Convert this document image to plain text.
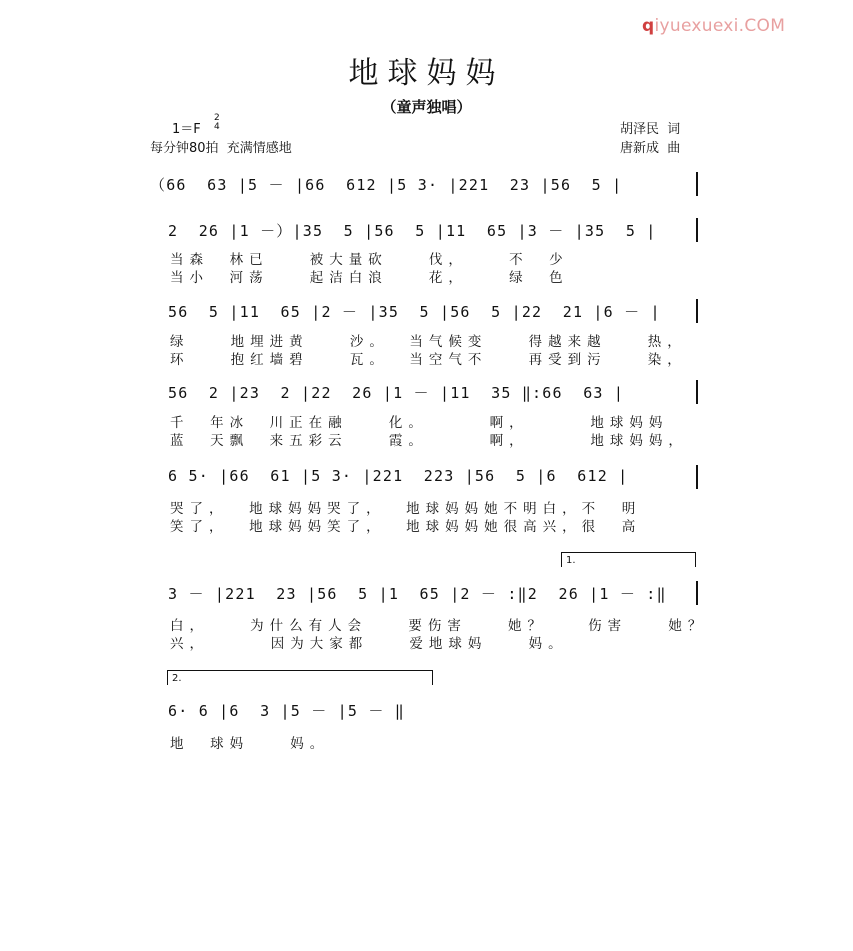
qiyuexuexi.COM
地球妈妈
（童声独唱）
1＝F
2
4
每分钟80拍  充满情感地
胡泽民  词
唐新成  曲
（66  63 |5 － |66  612 |5 3· |221  23 |56  5 |
2  26 |1 －）|35  5 |56  5 |11  65 |3 － |35  5 |
当森  林已    被大量砍    伐，    不  少
当小  河荡    起洁白浪    花，    绿  色
56  5 |11  65 |2 － |35  5 |56  5 |22  21 |6 － |
绿    地埋进黄    沙。  当气候变    得越来越    热，
环    抱红墙碧    瓦。  当空气不    再受到污    染，
56  2 |23  2 |22  26 |1 － |11  35 ‖:66  63 |
千  年冰  川正在融    化。      啊，      地球妈妈
蓝  天飘  来五彩云    霞。      啊，      地球妈妈，
6 5· |66  61 |5 3· |221  223 |56  5 |6  612 |
哭了，  地球妈妈哭了，  地球妈妈她不明白，不  明
笑了，  地球妈妈笑了，  地球妈妈她很高兴，很  高
1.
3 － |221  23 |56  5 |1  65 |2 － :‖2  26 |1 － :‖
白，    为什么有人会    要伤害    她？    伤害    她？
兴，      因为大家都    爱地球妈    妈。
2.
6· 6 |6  3 |5 － |5 － ‖
地  球妈    妈。
